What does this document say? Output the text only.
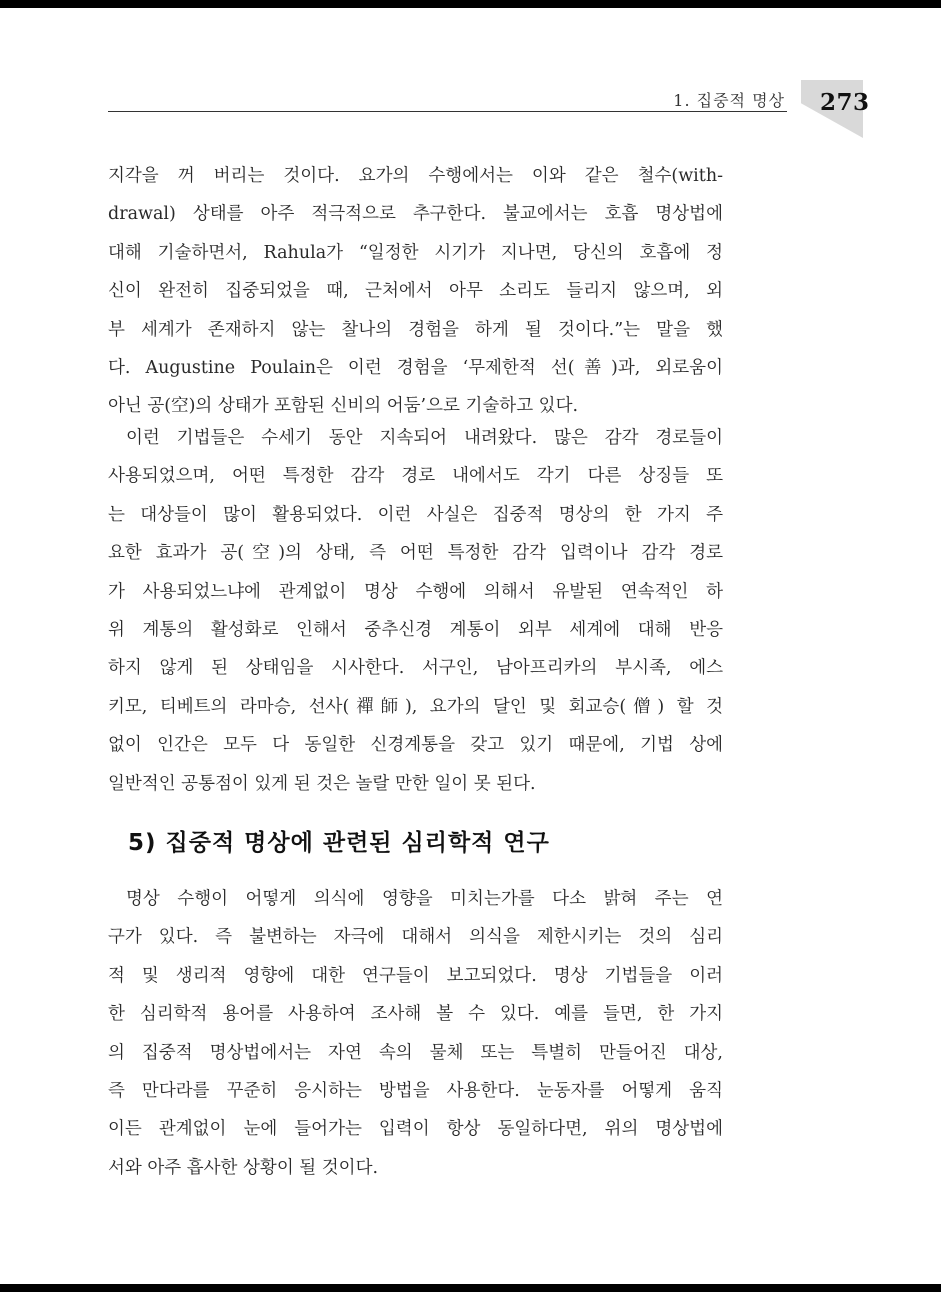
1. 집중적 명상 273
지각을 꺼 버리는 것이다. 요가의 수행에서는 이와 같은 철수(with-
drawal) 상태를 아주 적극적으로 추구한다. 불교에서는 호흡 명상법에
대해 기술하면서, Rahula가 “일정한 시기가 지나면, 당신의 호흡에 정
신이 완전히 집중되었을 때, 근처에서 아무 소리도 들리지 않으며, 외
부 세계가 존재하지 않는 찰나의 경험을 하게 될 것이다.”는 말을 했
다. Augustine Poulain은 이런 경험을 ‘무제한적 선(善)과, 외로움이
아닌 공(空)의 상태가 포함된 신비의 어둠’으로 기술하고 있다.
이런 기법들은 수세기 동안 지속되어 내려왔다. 많은 감각 경로들이
사용되었으며, 어떤 특정한 감각 경로 내에서도 각기 다른 상징들 또
는 대상들이 많이 활용되었다. 이런 사실은 집중적 명상의 한 가지 주
요한 효과가 공(空)의 상태, 즉 어떤 특정한 감각 입력이나 감각 경로
가 사용되었느냐에 관계없이 명상 수행에 의해서 유발된 연속적인 하
위 계통의 활성화로 인해서 중추신경 계통이 외부 세계에 대해 반응
하지 않게 된 상태임을 시사한다. 서구인, 남아프리카의 부시족, 에스
키모, 티베트의 라마승, 선사(禪師), 요가의 달인 및 회교승(僧) 할 것
없이 인간은 모두 다 동일한 신경계통을 갖고 있기 때문에, 기법 상에
일반적인 공통점이 있게 된 것은 놀랄 만한 일이 못 된다.
5) 집중적 명상에 관련된 심리학적 연구
명상 수행이 어떻게 의식에 영향을 미치는가를 다소 밝혀 주는 연
구가 있다. 즉 불변하는 자극에 대해서 의식을 제한시키는 것의 심리
적 및 생리적 영향에 대한 연구들이 보고되었다. 명상 기법들을 이러
한 심리학적 용어를 사용하여 조사해 볼 수 있다. 예를 들면, 한 가지
의 집중적 명상법에서는 자연 속의 물체 또는 특별히 만들어진 대상,
즉 만다라를 꾸준히 응시하는 방법을 사용한다. 눈동자를 어떻게 움직
이든 관계없이 눈에 들어가는 입력이 항상 동일하다면, 위의 명상법에
서와 아주 흡사한 상황이 될 것이다.
